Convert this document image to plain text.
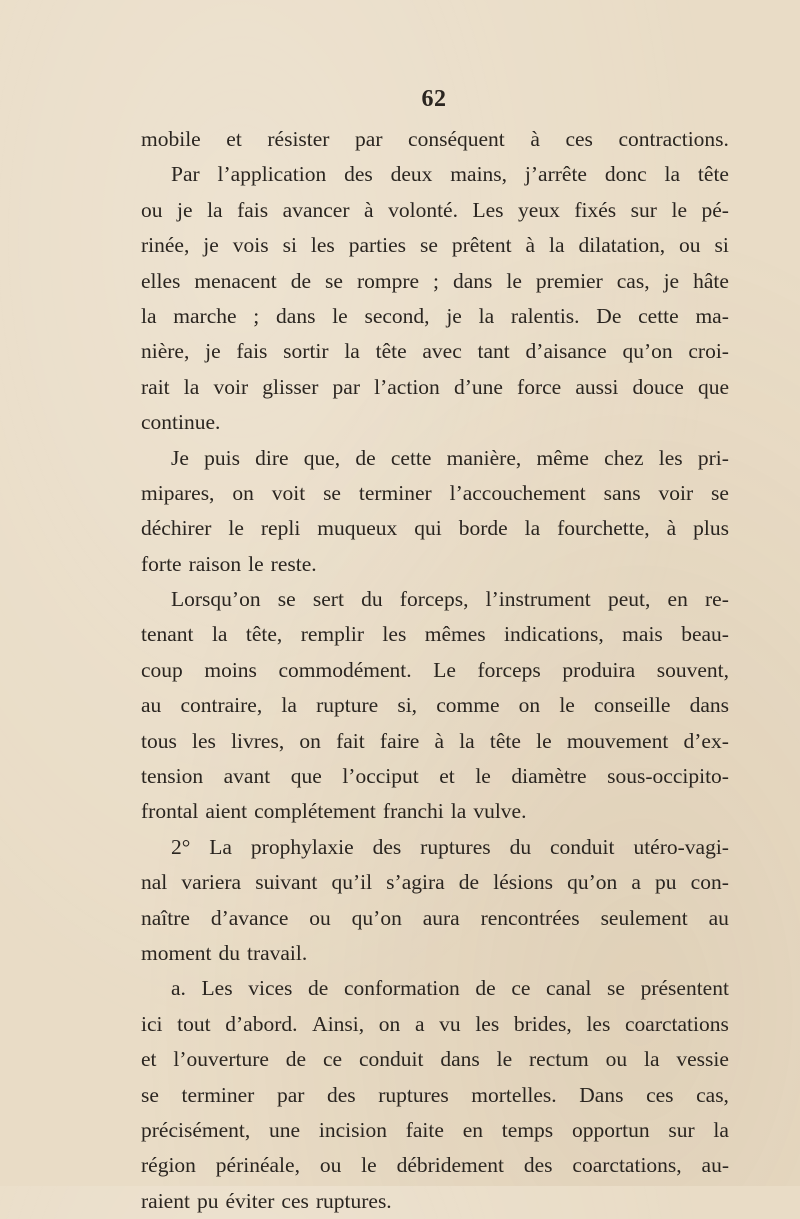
62
mobile et résister par conséquent à ces contractions.
Par l’application des deux mains, j’arrête donc la tête
ou je la fais avancer à volonté. Les yeux fixés sur le pé-
rinée, je vois si les parties se prêtent à la dilatation, ou si
elles menacent de se rompre ; dans le premier cas, je hâte
la marche ; dans le second, je la ralentis. De cette ma-
nière, je fais sortir la tête avec tant d’aisance qu’on croi-
rait la voir glisser par l’action d’une force aussi douce que
continue.
Je puis dire que, de cette manière, même chez les pri-
mipares, on voit se terminer l’accouchement sans voir se
déchirer le repli muqueux qui borde la fourchette, à plus
forte raison le reste.
Lorsqu’on se sert du forceps, l’instrument peut, en re-
tenant la tête, remplir les mêmes indications, mais beau-
coup moins commodément. Le forceps produira souvent,
au contraire, la rupture si, comme on le conseille dans
tous les livres, on fait faire à la tête le mouvement d’ex-
tension avant que l’occiput et le diamètre sous-occipito-
frontal aient complétement franchi la vulve.
2° La prophylaxie des ruptures du conduit utéro-vagi-
nal variera suivant qu’il s’agira de lésions qu’on a pu con-
naître d’avance ou qu’on aura rencontrées seulement au
moment du travail.
a. Les vices de conformation de ce canal se présentent
ici tout d’abord. Ainsi, on a vu les brides, les coarctations
et l’ouverture de ce conduit dans le rectum ou la vessie
se terminer par des ruptures mortelles. Dans ces cas,
précisément, une incision faite en temps opportun sur la
région périnéale, ou le débridement des coarctations, au-
raient pu éviter ces ruptures.
